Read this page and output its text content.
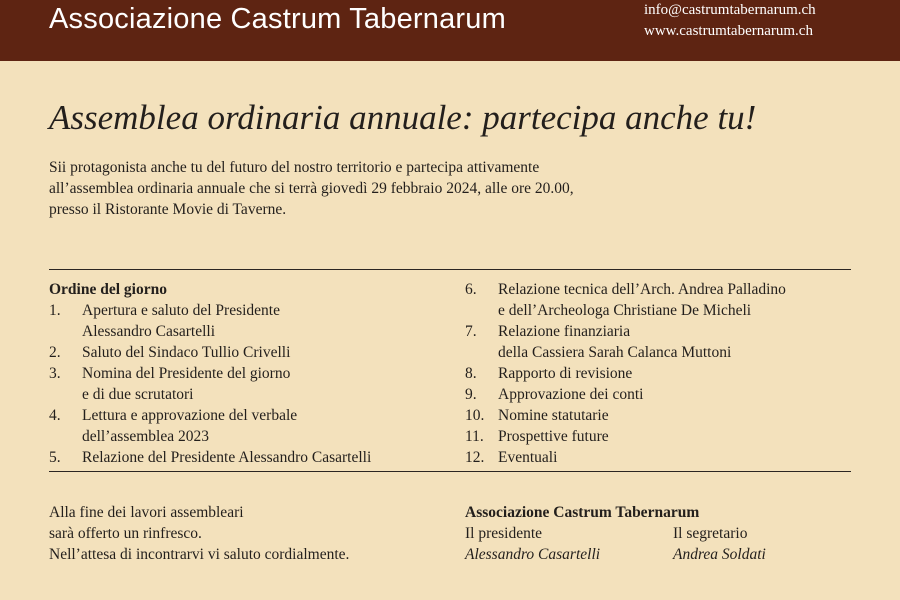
Associazione Castrum Tabernarum	info@castrumtabernarum.ch
www.castrumtabernarum.ch
Assemblea ordinaria annuale: partecipa anche tu!
Sii protagonista anche tu del futuro del nostro territorio e partecipa attivamente
all’assemblea ordinaria annuale che si terrà giovedì 29 febbraio 2024, alle ore 20.00,
presso il Ristorante Movie di Taverne.
Ordine del giorno
1.	Apertura e saluto del Presidente
Alessandro Casartelli
2.	Saluto del Sindaco Tullio Crivelli
3.	Nomina del Presidente del giorno
e di due scrutatori
4.	Lettura e approvazione del verbale
dell’assemblea 2023
5.	Relazione del Presidente Alessandro Casartelli
6.	Relazione tecnica dell’Arch. Andrea Palladino
e dell’Archeologa Christiane De Micheli
7.	Relazione finanziaria
della Cassiera Sarah Calanca Muttoni
8.	Rapporto di revisione
9.	Approvazione dei conti
10. Nomine statutarie
11. Prospettive future
12. Eventuali
Alla fine dei lavori assembleari
sarà offerto un rinfresco.
Nell’attesa di incontrarvi vi saluto cordialmente.
Associazione Castrum Tabernarum
Il presidente
Alessandro Casartelli
Il segretario
Andrea Soldati
